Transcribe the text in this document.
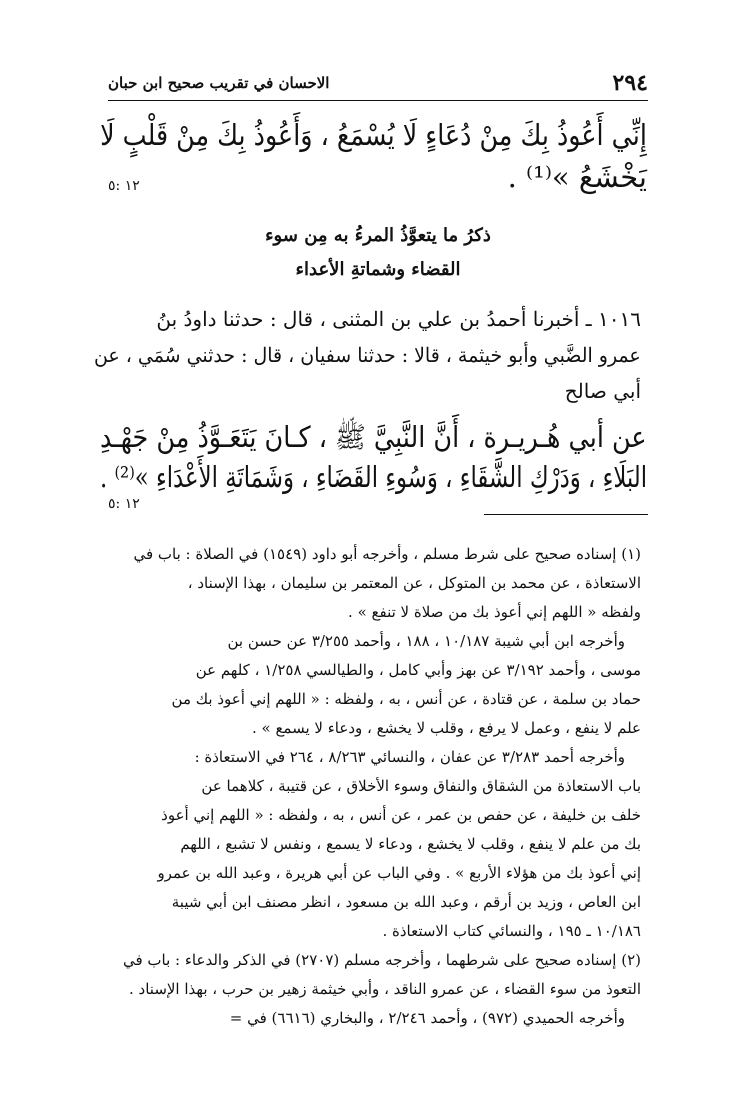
٢٩٤
الاحسان في تقريب صحيح ابن حبان
إِنِّي أَعُوذُ بِكَ مِنْ دُعَاءٍ لَا يُسْمَعُ ، وَأَعُوذُ بِكَ مِنْ قَلْبٍ لَا
يَخْشَعُ »⁽¹⁾ .
١٢ :٥
ذكرُ ما يتعوَّذُ المرءُ به مِن سوء
القضاء وشماتةِ الأعداء
١٠١٦ ـ أخبرنا أحمدُ بن علي بن المثنى ، قال : حدثنا داودُ بنُ
عمرو الضَّبي وأبو خيثمة ، قالا : حدثنا سفيان ، قال : حدثني سُمَي ، عن
أبي صالح
عن أبي هُـريـرة ، أَنَّ النَّبِيَّ ﷺ ، كـانَ يَتَعَـوَّذُ مِنْ جَهْـدِ
البَلَاءِ ، وَدَرْكِ الشَّقَاءِ ، وَسُوءِ القَضَاءِ ، وَشَمَاتَةِ الأَعْدَاءِ »⁽²⁾ .
١٢ :٥
(١) إسناده صحيح على شرط مسلم ، وأخرجه أبو داود (١٥٤٩) في الصلاة : باب في
الاستعاذة ، عن محمد بن المتوكل ، عن المعتمر بن سليمان ، بهذا الإسناد ،
ولفظه « اللهم إني أعوذ بك من صلاة لا تنفع » .
وأخرجه ابن أبي شيبة ١٠/١٨٧ ، ١٨٨ ، وأحمد ٣/٢٥٥ عن حسن بن
موسى ، وأحمد ٣/١٩٢ عن بهز وأبي كامل ، والطيالسي ١/٢٥٨ ، كلهم عن
حماد بن سلمة ، عن قتادة ، عن أنس ، به ، ولفظه : « اللهم إني أعوذ بك من
علم لا ينفع ، وعمل لا يرفع ، وقلب لا يخشع ، ودعاء لا يسمع » .
وأخرجه أحمد ٣/٢٨٣ عن عفان ، والنسائي ٨/٢٦٣ ، ٢٦٤ في الاستعاذة :
باب الاستعاذة من الشقاق والنفاق وسوء الأخلاق ، عن قتيبة ، كلاهما عن
خلف بن خليفة ، عن حفص بن عمر ، عن أنس ، به ، ولفظه : « اللهم إني أعوذ
بك من علم لا ينفع ، وقلب لا يخشع ، ودعاء لا يسمع ، ونفس لا تشبع ، اللهم
إني أعوذ بك من هؤلاء الأربع » . وفي الباب عن أبي هريرة ، وعبد الله بن عمرو
ابن العاص ، وزيد بن أرقم ، وعبد الله بن مسعود ، انظر مصنف ابن أبي شيبة
١٠/١٨٦ ـ ١٩٥ ، والنسائي كتاب الاستعاذة .
(٢) إسناده صحيح على شرطهما ، وأخرجه مسلم (٢٧٠٧) في الذكر والدعاء : باب في
التعوذ من سوء القضاء ، عن عمرو الناقد ، وأبي خيثمة زهير بن حرب ، بهذا الإسناد .
وأخرجه الحميدي (٩٧٢) ، وأحمد ٢/٢٤٦ ، والبخاري (٦٦١٦) في =
